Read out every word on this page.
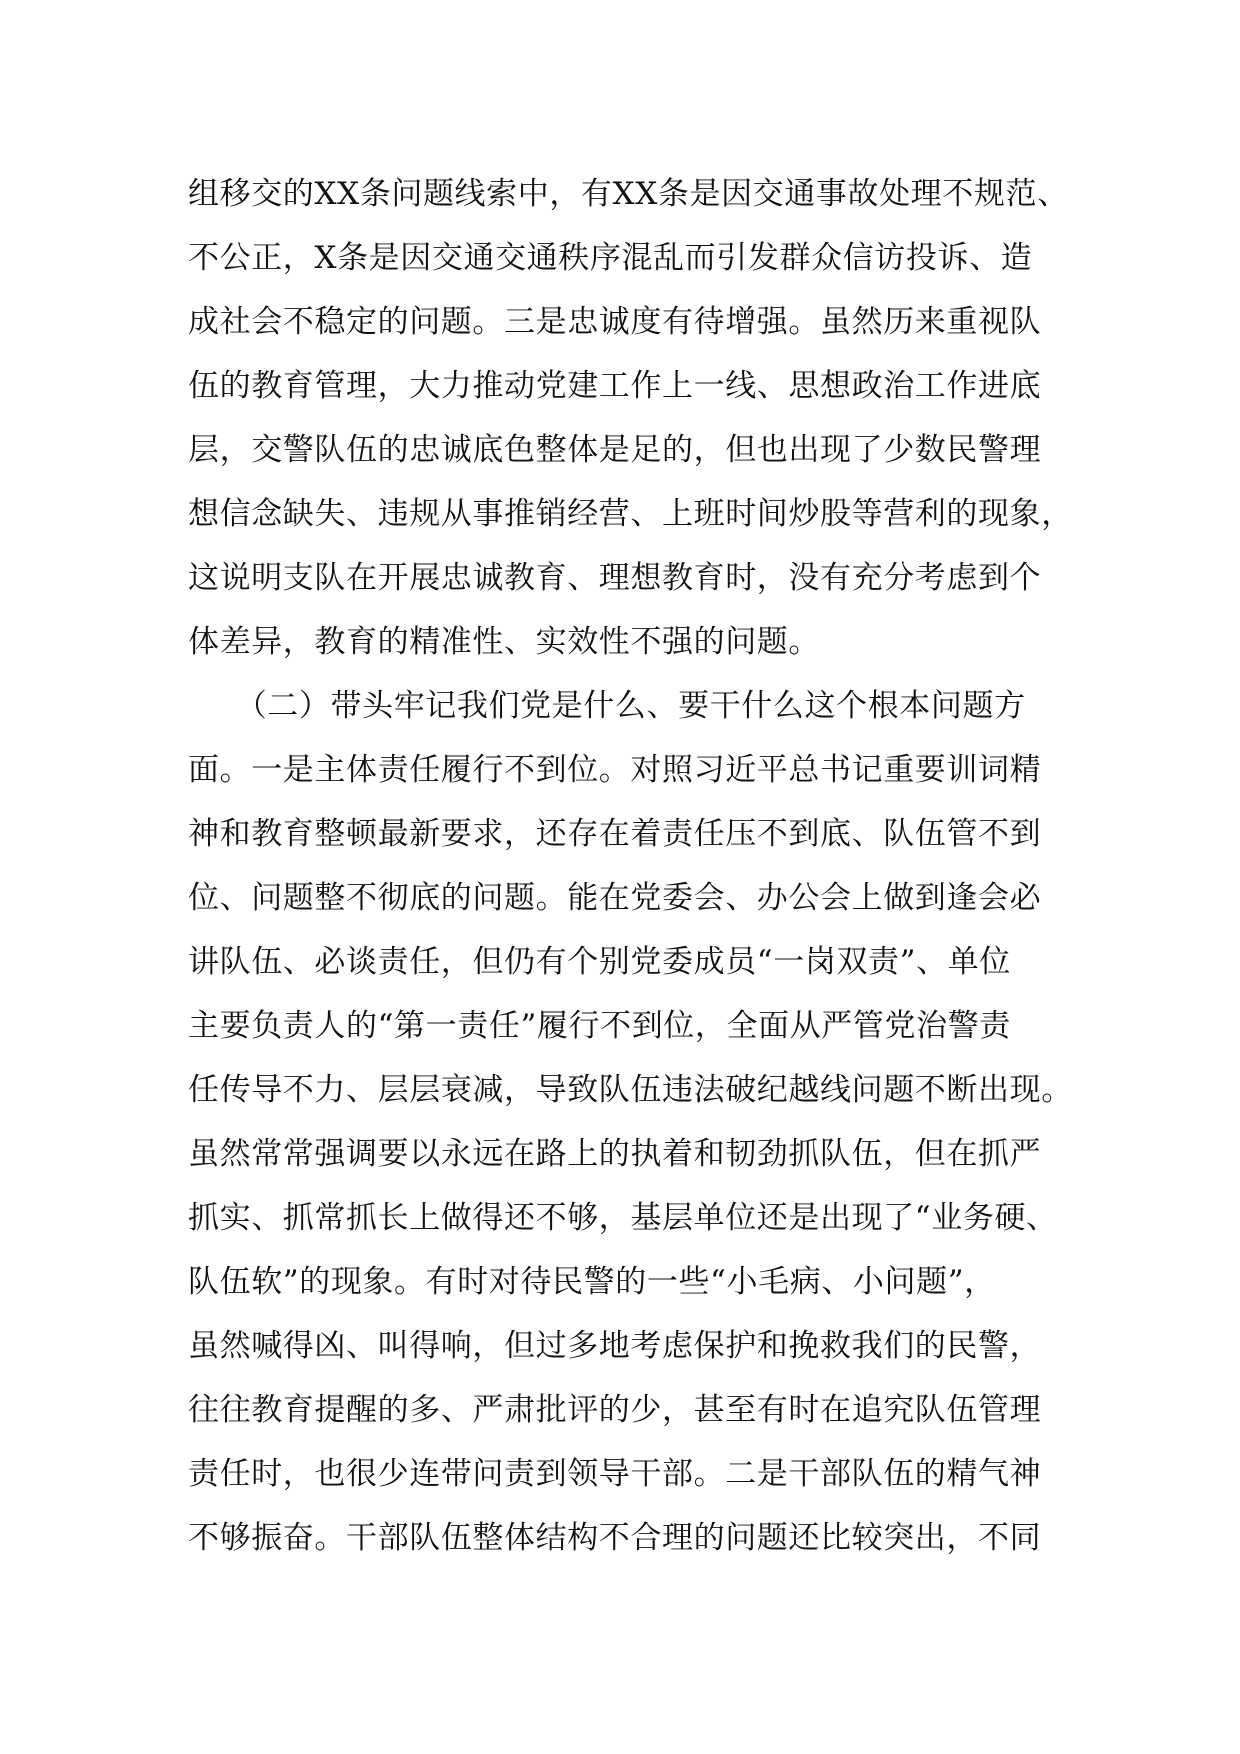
组移交的XX条问题线索中，有XX条是因交通事故处理不规范、
不公正，X条是因交通交通秩序混乱而引发群众信访投诉、造
成社会不稳定的问题。三是忠诚度有待增强。虽然历来重视队
伍的教育管理，大力推动党建工作上一线、思想政治工作进底
层，交警队伍的忠诚底色整体是足的，但也出现了少数民警理
想信念缺失、违规从事推销经营、上班时间炒股等营利的现象，
这说明支队在开展忠诚教育、理想教育时，没有充分考虑到个
体差异，教育的精准性、实效性不强的问题。
　　（二）带头牢记我们党是什么、要干什么这个根本问题方
面。一是主体责任履行不到位。对照习近平总书记重要训词精
神和教育整顿最新要求，还存在着责任压不到底、队伍管不到
位、问题整不彻底的问题。能在党委会、办公会上做到逢会必
讲队伍、必谈责任，但仍有个别党委成员“一岗双责”、单位
主要负责人的“第一责任”履行不到位，全面从严管党治警责
任传导不力、层层衰减，导致队伍违法破纪越线问题不断出现。
虽然常常强调要以永远在路上的执着和韧劲抓队伍，但在抓严
抓实、抓常抓长上做得还不够，基层单位还是出现了“业务硬、
队伍软”的现象。有时对待民警的一些“小毛病、小问题”，
虽然喊得凶、叫得响，但过多地考虑保护和挽救我们的民警，
往往教育提醒的多、严肃批评的少，甚至有时在追究队伍管理
责任时，也很少连带问责到领导干部。二是干部队伍的精气神
不够振奋。干部队伍整体结构不合理的问题还比较突出，不同
